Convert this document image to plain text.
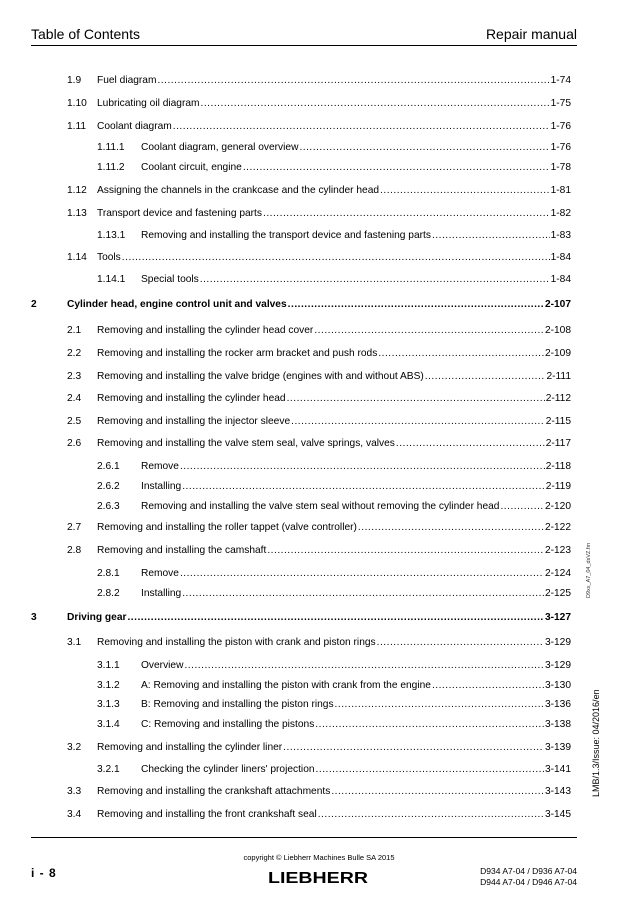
Table of Contents	Repair manual
1.9 Fuel diagram .....	1-74
1.10 Lubricating oil diagram .....	1-75
1.11 Coolant diagram .....	1-76
1.11.1 Coolant diagram, general overview .....	1-76
1.11.2 Coolant circuit, engine .....	1-78
1.12 Assigning the channels in the crankcase and the cylinder head .....	1-81
1.13 Transport device and fastening parts .....	1-82
1.13.1 Removing and installing the transport device and fastening parts .....	1-83
1.14 Tools .....	1-84
1.14.1 Special tools .....	1-84
2	Cylinder head, engine control unit and valves .....	2-107
2.1 Removing and installing the cylinder head cover .....	2-108
2.2 Removing and installing the rocker arm bracket and push rods .....	2-109
2.3 Removing and installing the valve bridge (engines with and without ABS) .....	2-111
2.4 Removing and installing the cylinder head .....	2-112
2.5 Removing and installing the injector sleeve .....	2-115
2.6 Removing and installing the valve stem seal, valve springs, valves .....	2-117
2.6.1 Remove .....	2-118
2.6.2 Installing .....	2-119
2.6.3 Removing and installing the valve stem seal without removing the cylinder head .....	2-120
2.7 Removing and installing the roller tappet (valve controller) .....	2-122
2.8 Removing and installing the camshaft .....	2-123
2.8.1 Remove .....	2-124
2.8.2 Installing .....	2-125
3	Driving gear .....	3-127
3.1 Removing and installing the piston with crank and piston rings .....	3-129
3.1.1 Overview .....	3-129
3.1.2 A: Removing and installing the piston with crank from the engine .....	3-130
3.1.3 B: Removing and installing the piston rings .....	3-136
3.1.4 C: Removing and installing the pistons .....	3-138
3.2 Removing and installing the cylinder liner .....	3-139
3.2.1 Checking the cylinder liners' projection .....	3-141
3.3 Removing and installing the crankshaft attachments .....	3-143
3.4 Removing and installing the front crankshaft seal .....	3-145
D9xx_A7_04_dsVZ.fm
LMB/1.3/Issue: 04/2016/en
i - 8
copyright © Liebherr Machines Bulle SA 2015
LIEBHERR	D934 A7-04 / D936 A7-04
D944 A7-04 / D946 A7-04
